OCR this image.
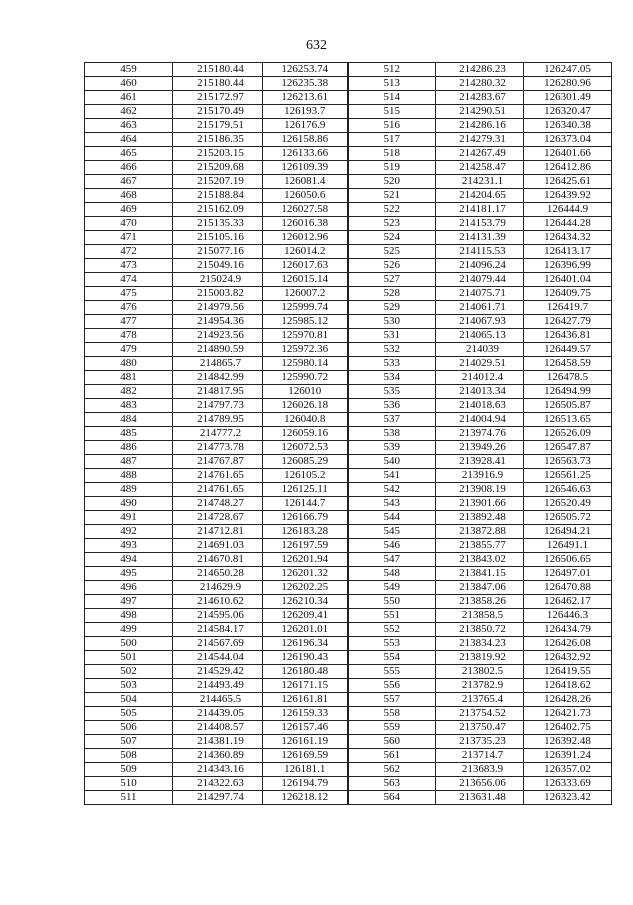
632
459	215180.44	126253.74	512	214286.23	126247.05
460	215180.44	126235.38	513	214280.32	126280.96
461	215172.97	126213.61	514	214283.67	126301.49
462	215170.49	126193.7	515	214290.51	126320.47
463	215179.51	126176.9	516	214286.16	126340.38
464	215186.35	126158.86	517	214279.31	126373.04
465	215203.15	126133.66	518	214267.49	126401.66
466	215209.68	126109.39	519	214258.47	126412.86
467	215207.19	126081.4	520	214231.1	126425.61
468	215188.84	126050.6	521	214204.65	126439.92
469	215162.09	126027.58	522	214181.17	126444.9
470	215135.33	126016.38	523	214153.79	126444.28
471	215105.16	126012.96	524	214131.39	126434.32
472	215077.16	126014.2	525	214115.53	126413.17
473	215049.16	126017.63	526	214096.24	126396.99
474	215024.9	126015.14	527	214079.44	126401.04
475	215003.82	126007.2	528	214075.71	126409.75
476	214979.56	125999.74	529	214061.71	126419.7
477	214954.36	125985.12	530	214067.93	126427.79
478	214923.56	125970.81	531	214065.13	126436.81
479	214890.59	125972.36	532	214039	126449.57
480	214865.7	125980.14	533	214029.51	126458.59
481	214842.99	125990.72	534	214012.4	126478.5
482	214817.95	126010	535	214013.34	126494.99
483	214797.73	126026.18	536	214018.63	126505.87
484	214789.95	126040.8	537	214004.94	126513.65
485	214777.2	126059.16	538	213974.76	126526.09
486	214773.78	126072.53	539	213949.26	126547.87
487	214767.87	126085.29	540	213928.41	126563.73
488	214761.65	126105.2	541	213916.9	126561.25
489	214761.65	126125.11	542	213908.19	126546.63
490	214748.27	126144.7	543	213901.66	126520.49
491	214728.67	126166.79	544	213892.48	126505.72
492	214712.81	126183.28	545	213872.88	126494.21
493	214691.03	126197.59	546	213855.77	126491.1
494	214670.81	126201.94	547	213843.02	126506.65
495	214650.28	126201.32	548	213841.15	126497.01
496	214629.9	126202.25	549	213847.06	126470.88
497	214610.62	126210.34	550	213858.26	126462.17
498	214595.06	126209.41	551	213858.5	126446.3
499	214584.17	126201.01	552	213850.72	126434.79
500	214567.69	126196.34	553	213834.23	126426.08
501	214544.04	126190.43	554	213819.92	126432.92
502	214529.42	126180.48	555	213802.5	126419.55
503	214493.49	126171.15	556	213782.9	126418.62
504	214465.5	126161.81	557	213765.4	126428.26
505	214439.05	126159.33	558	213754.52	126421.73
506	214408.57	126157.46	559	213750.47	126402.75
507	214381.19	126161.19	560	213735.23	126392.48
508	214360.89	126169.59	561	213714.7	126391.24
509	214343.16	126181.1	562	213683.9	126357.02
510	214322.63	126194.79	563	213656.06	126333.69
511	214297.74	126218.12	564	213631.48	126323.42
